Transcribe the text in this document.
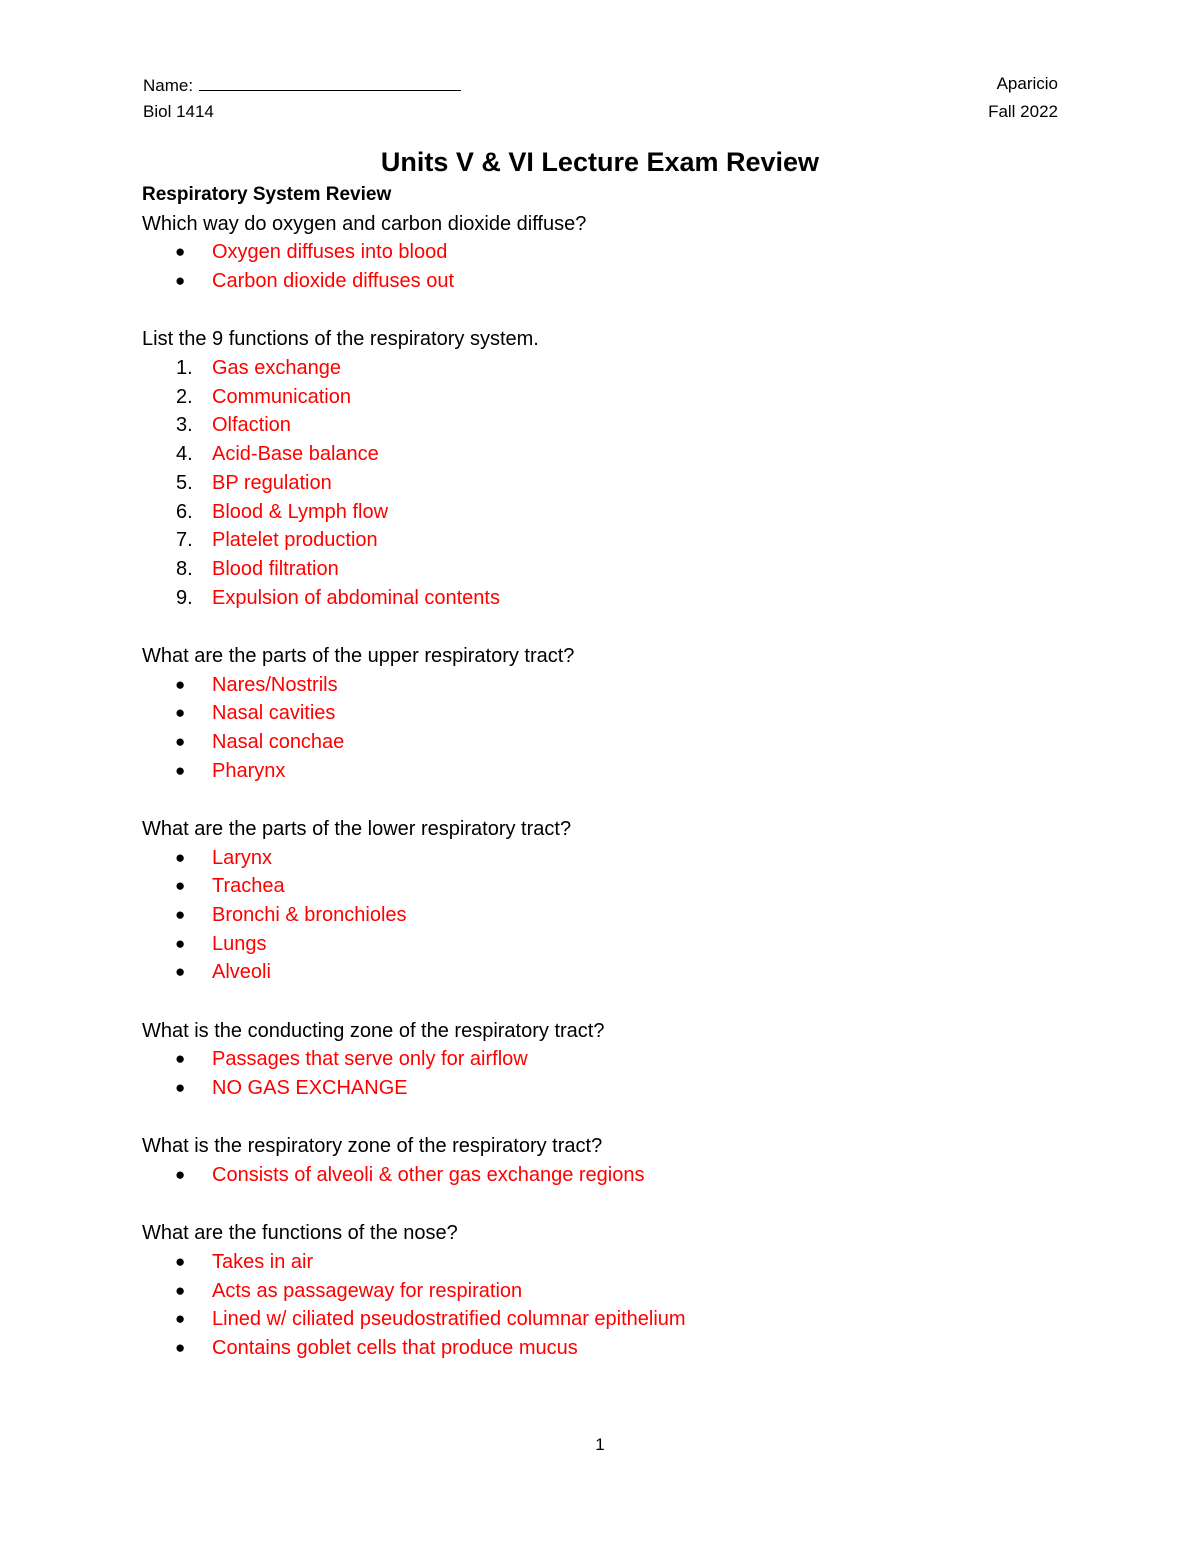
Name:	Aparicio
Biol 1414	Fall 2022
Units V & VI Lecture Exam Review
Respiratory System Review
Which way do oxygen and carbon dioxide diffuse?
●	Oxygen diffuses into blood
●	Carbon dioxide diffuses out
List the 9 functions of the respiratory system.
1. Gas exchange
2. Communication
3. Olfaction
4. Acid-Base balance
5. BP regulation
6. Blood & Lymph flow
7. Platelet production
8. Blood filtration
9. Expulsion of abdominal contents
What are the parts of the upper respiratory tract?
●	Nares/Nostrils
●	Nasal cavities
●	Nasal conchae
●	Pharynx
What are the parts of the lower respiratory tract?
●	Larynx
●	Trachea
●	Bronchi & bronchioles
●	Lungs
●	Alveoli
What is the conducting zone of the respiratory tract?
●	Passages that serve only for airflow
●	NO GAS EXCHANGE
What is the respiratory zone of the respiratory tract?
●	Consists of alveoli & other gas exchange regions
What are the functions of the nose?
●	Takes in air
●	Acts as passageway for respiration
●	Lined w/ ciliated pseudostratified columnar epithelium
●	Contains goblet cells that produce mucus
1
